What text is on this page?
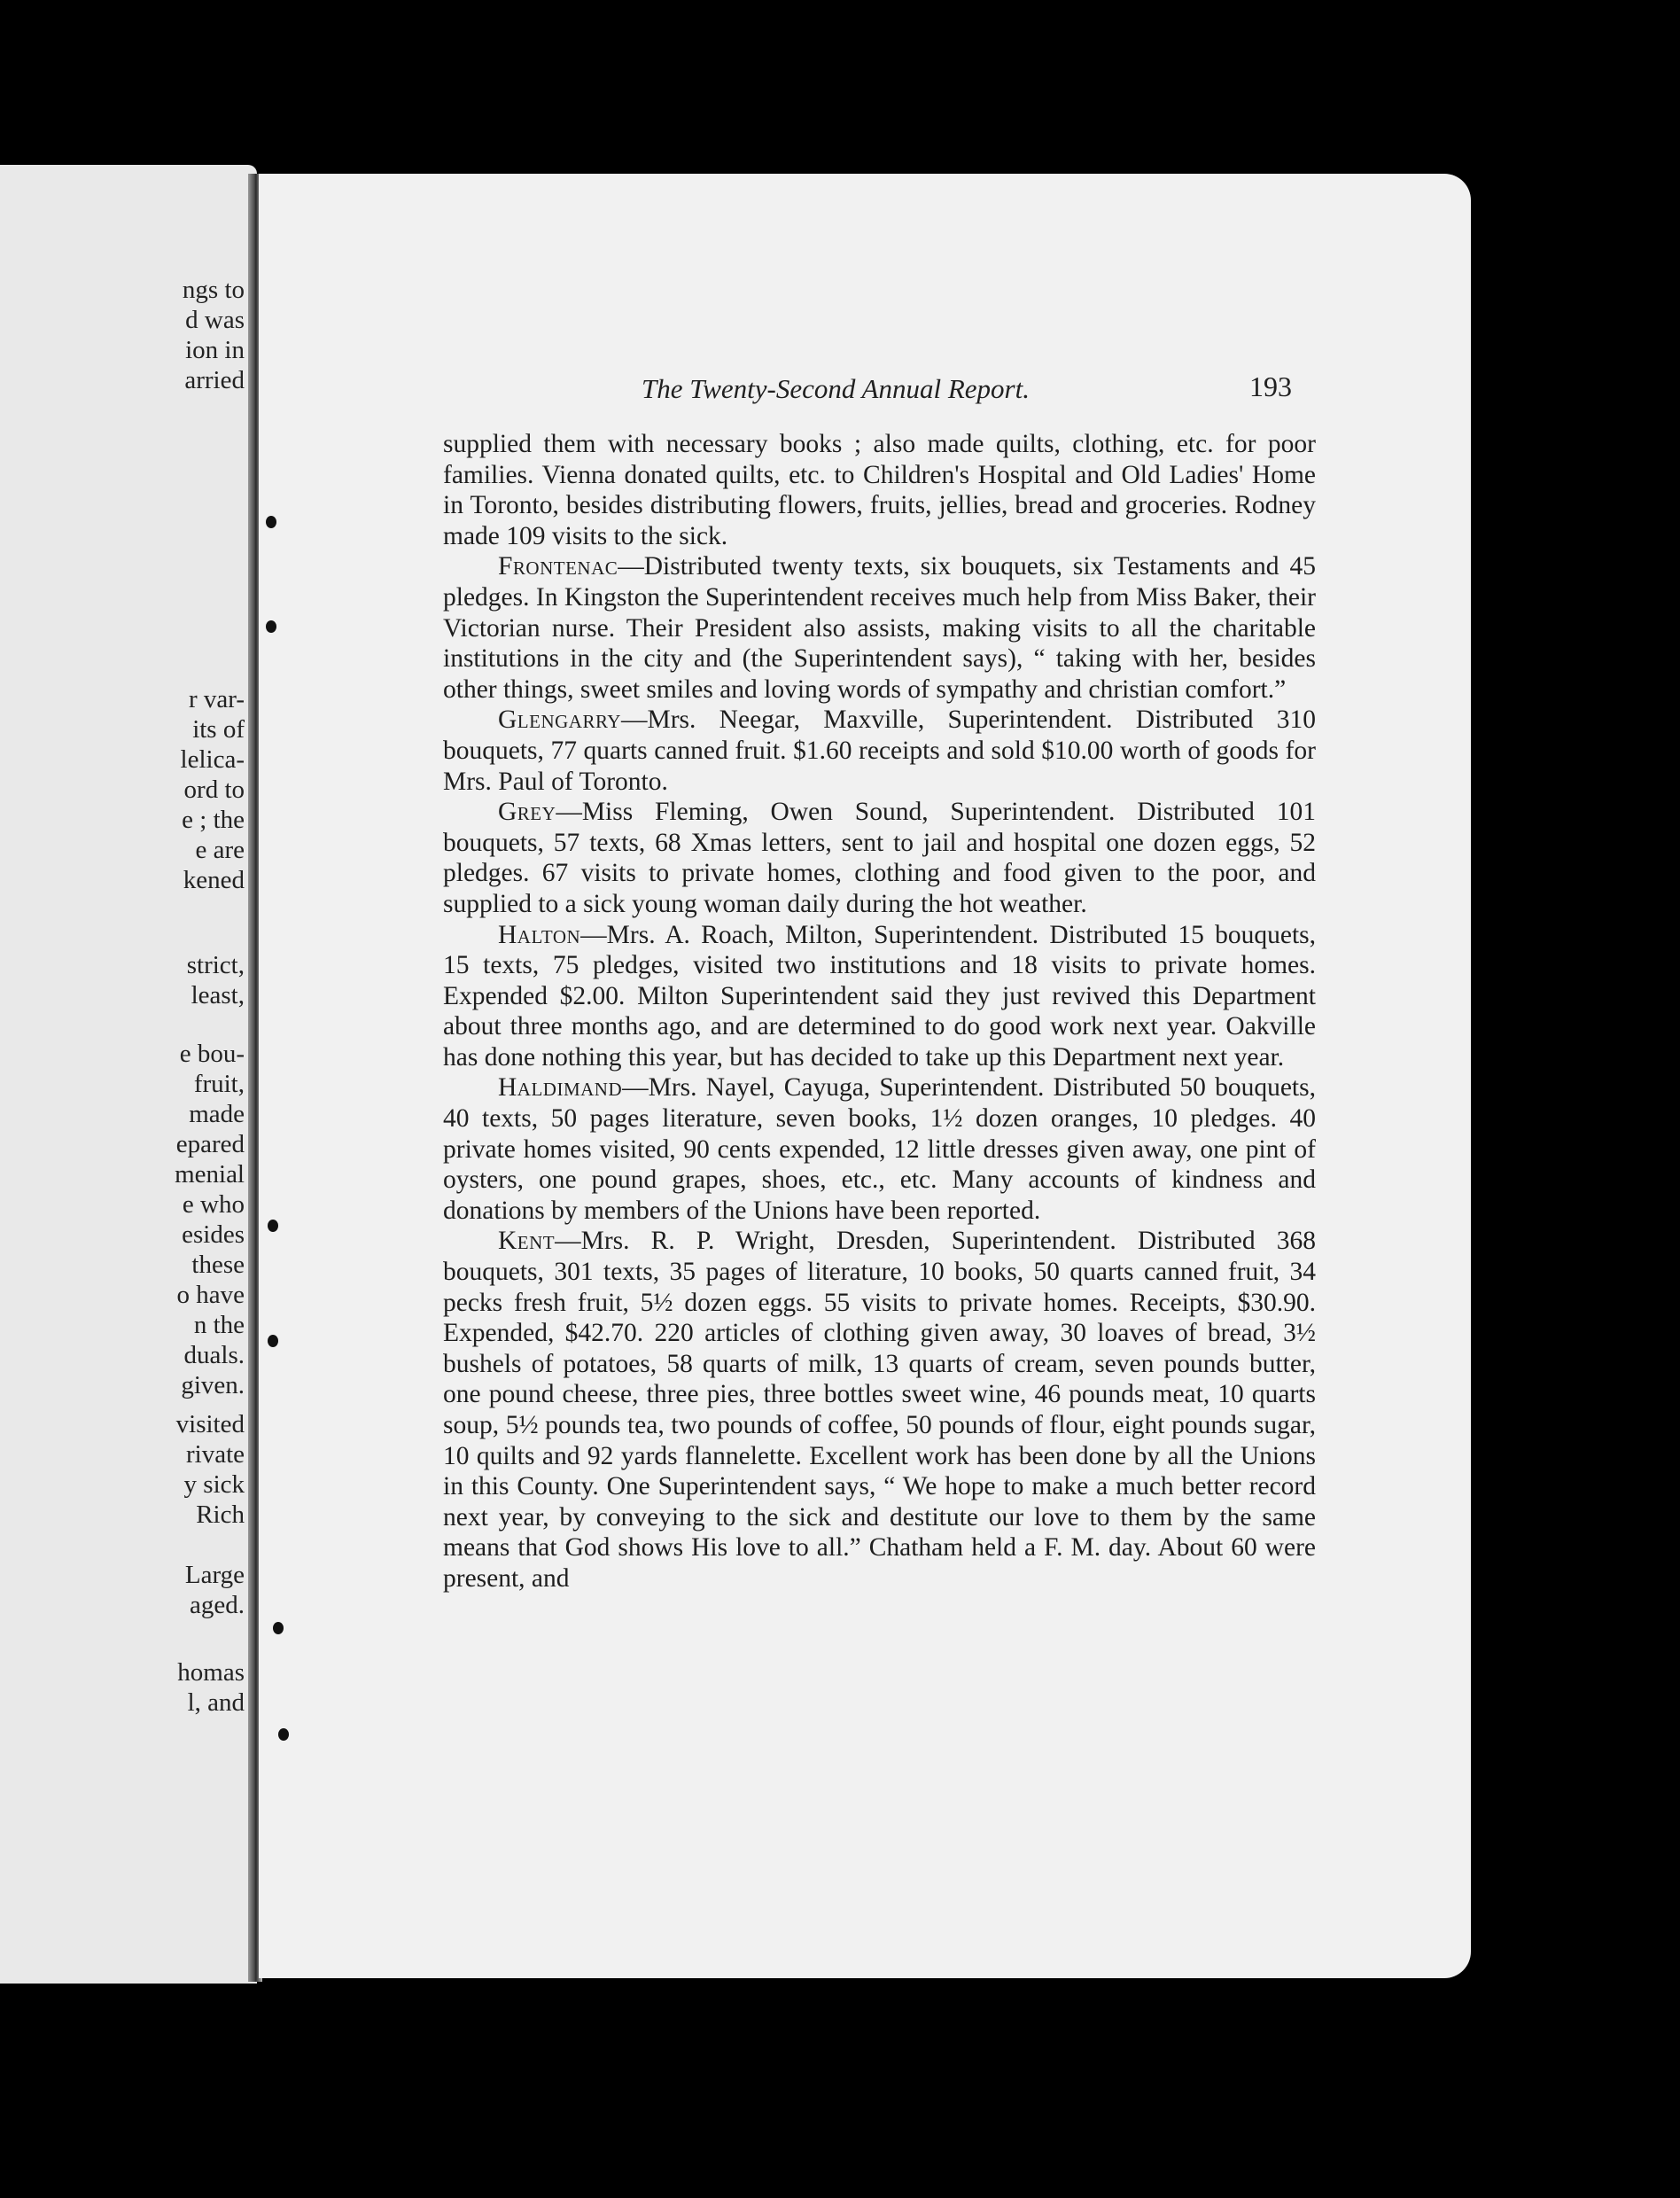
ngs to
d was
ion in
arried
r var-
its of
lelica-
ord to
e ; the
e are
kened
strict,
least,
e bou-
fruit,
made
epared
menial
e who
esides
these
o have
n the
duals.
given.
visited
rivate
y sick
Rich
Large
aged.
homas
l, and
The Twenty-Second Annual Report.	193

supplied them with necessary books ; also made quilts, clothing, etc. for poor families. Vienna donated quilts, etc. to Children's Hospital and Old Ladies' Home in Toronto, besides distributing flowers, fruits, jellies, bread and groceries. Rodney made 109 visits to the sick.

Frontenac—Distributed twenty texts, six bouquets, six Testaments and 45 pledges. In Kingston the Superintendent receives much help from Miss Baker, their Victorian nurse. Their President also assists, making visits to all the charitable institutions in the city and (the Superintendent says), “ taking with her, besides other things, sweet smiles and loving words of sympathy and christian comfort.”

Glengarry—Mrs. Neegar, Maxville, Superintendent. Distributed 310 bouquets, 77 quarts canned fruit. $1.60 receipts and sold $10.00 worth of goods for Mrs. Paul of Toronto.

Grey—Miss Fleming, Owen Sound, Superintendent. Distributed 101 bouquets, 57 texts, 68 Xmas letters, sent to jail and hospital one dozen eggs, 52 pledges. 67 visits to private homes, clothing and food given to the poor, and supplied to a sick young woman daily during the hot weather.

Halton—Mrs. A. Roach, Milton, Superintendent. Distributed 15 bouquets, 15 texts, 75 pledges, visited two institutions and 18 visits to private homes. Expended $2.00. Milton Superintendent said they just revived this Department about three months ago, and are determined to do good work next year. Oakville has done nothing this year, but has decided to take up this Department next year.

Haldimand—Mrs. Nayel, Cayuga, Superintendent. Distributed 50 bouquets, 40 texts, 50 pages literature, seven books, 1½ dozen oranges, 10 pledges. 40 private homes visited, 90 cents expended, 12 little dresses given away, one pint of oysters, one pound grapes, shoes, etc., etc. Many accounts of kindness and donations by members of the Unions have been reported.

Kent—Mrs. R. P. Wright, Dresden, Superintendent. Distributed 368 bouquets, 301 texts, 35 pages of literature, 10 books, 50 quarts canned fruit, 34 pecks fresh fruit, 5½ dozen eggs. 55 visits to private homes. Receipts, $30.90. Expended, $42.70. 220 articles of clothing given away, 30 loaves of bread, 3½ bushels of potatoes, 58 quarts of milk, 13 quarts of cream, seven pounds butter, one pound cheese, three pies, three bottles sweet wine, 46 pounds meat, 10 quarts soup, 5½ pounds tea, two pounds of coffee, 50 pounds of flour, eight pounds sugar, 10 quilts and 92 yards flannelette. Excellent work has been done by all the Unions in this County. One Superintendent says, “ We hope to make a much better record next year, by conveying to the sick and destitute our love to them by the same means that God shows His love to all.” Chatham held a F. M. day. About 60 were present, and
